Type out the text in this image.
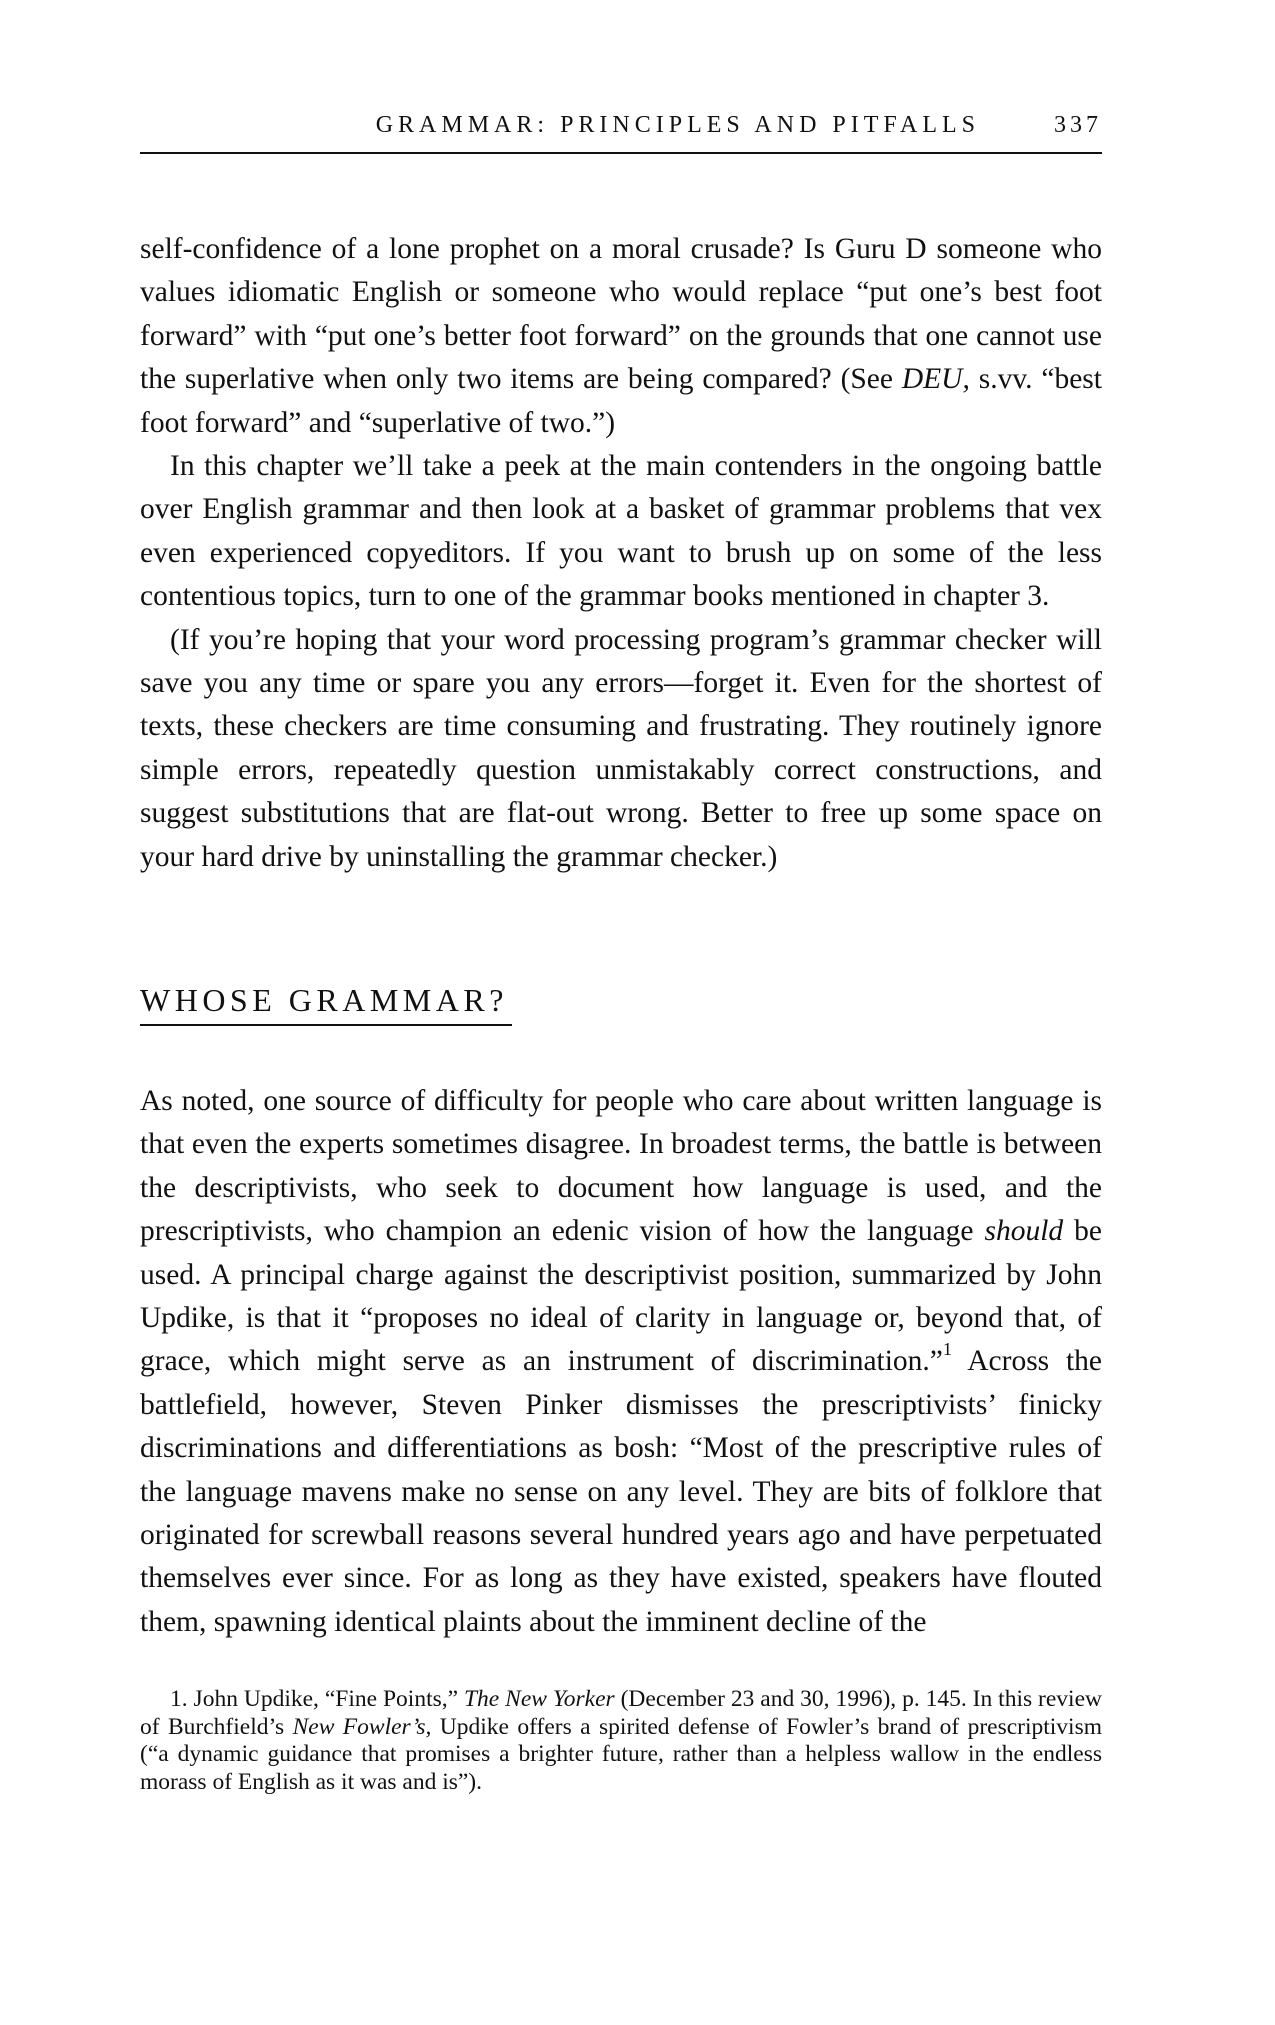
GRAMMAR: PRINCIPLES AND PITFALLS	337

self-confidence of a lone prophet on a moral crusade? Is Guru D someone who values idiomatic English or someone who would replace “put one’s best foot forward” with “put one’s better foot forward” on the grounds that one cannot use the superlative when only two items are being compared? (See DEU, s.vv. “best foot forward” and “superlative of two.”)

In this chapter we’ll take a peek at the main contenders in the ongoing battle over English grammar and then look at a basket of grammar problems that vex even experienced copyeditors. If you want to brush up on some of the less contentious topics, turn to one of the grammar books mentioned in chapter 3.

(If you’re hoping that your word processing program’s grammar checker will save you any time or spare you any errors—forget it. Even for the shortest of texts, these checkers are time consuming and frustrating. They routinely ignore simple errors, repeatedly question unmistakably correct constructions, and suggest substitutions that are flat-out wrong. Better to free up some space on your hard drive by uninstalling the grammar checker.)

WHOSE GRAMMAR?

As noted, one source of difficulty for people who care about written language is that even the experts sometimes disagree. In broadest terms, the battle is between the descriptivists, who seek to document how language is used, and the prescriptivists, who champion an edenic vision of how the language should be used. A principal charge against the descriptivist position, summarized by John Updike, is that it “proposes no ideal of clarity in language or, beyond that, of grace, which might serve as an instrument of discrimination.”$^1$ Across the battlefield, however, Steven Pinker dismisses the prescriptivists’ finicky discriminations and differentiations as bosh: “Most of the prescriptive rules of the language mavens make no sense on any level. They are bits of folklore that originated for screwball reasons several hundred years ago and have perpetuated themselves ever since. For as long as they have existed, speakers have flouted them, spawning identical plaints about the imminent decline of the

1. John Updike, “Fine Points,” The New Yorker (December 23 and 30, 1996), p. 145. In this review of Burchfield’s New Fowler’s, Updike offers a spirited defense of Fowler’s brand of prescriptivism (“a dynamic guidance that promises a brighter future, rather than a helpless wallow in the endless morass of English as it was and is”).
